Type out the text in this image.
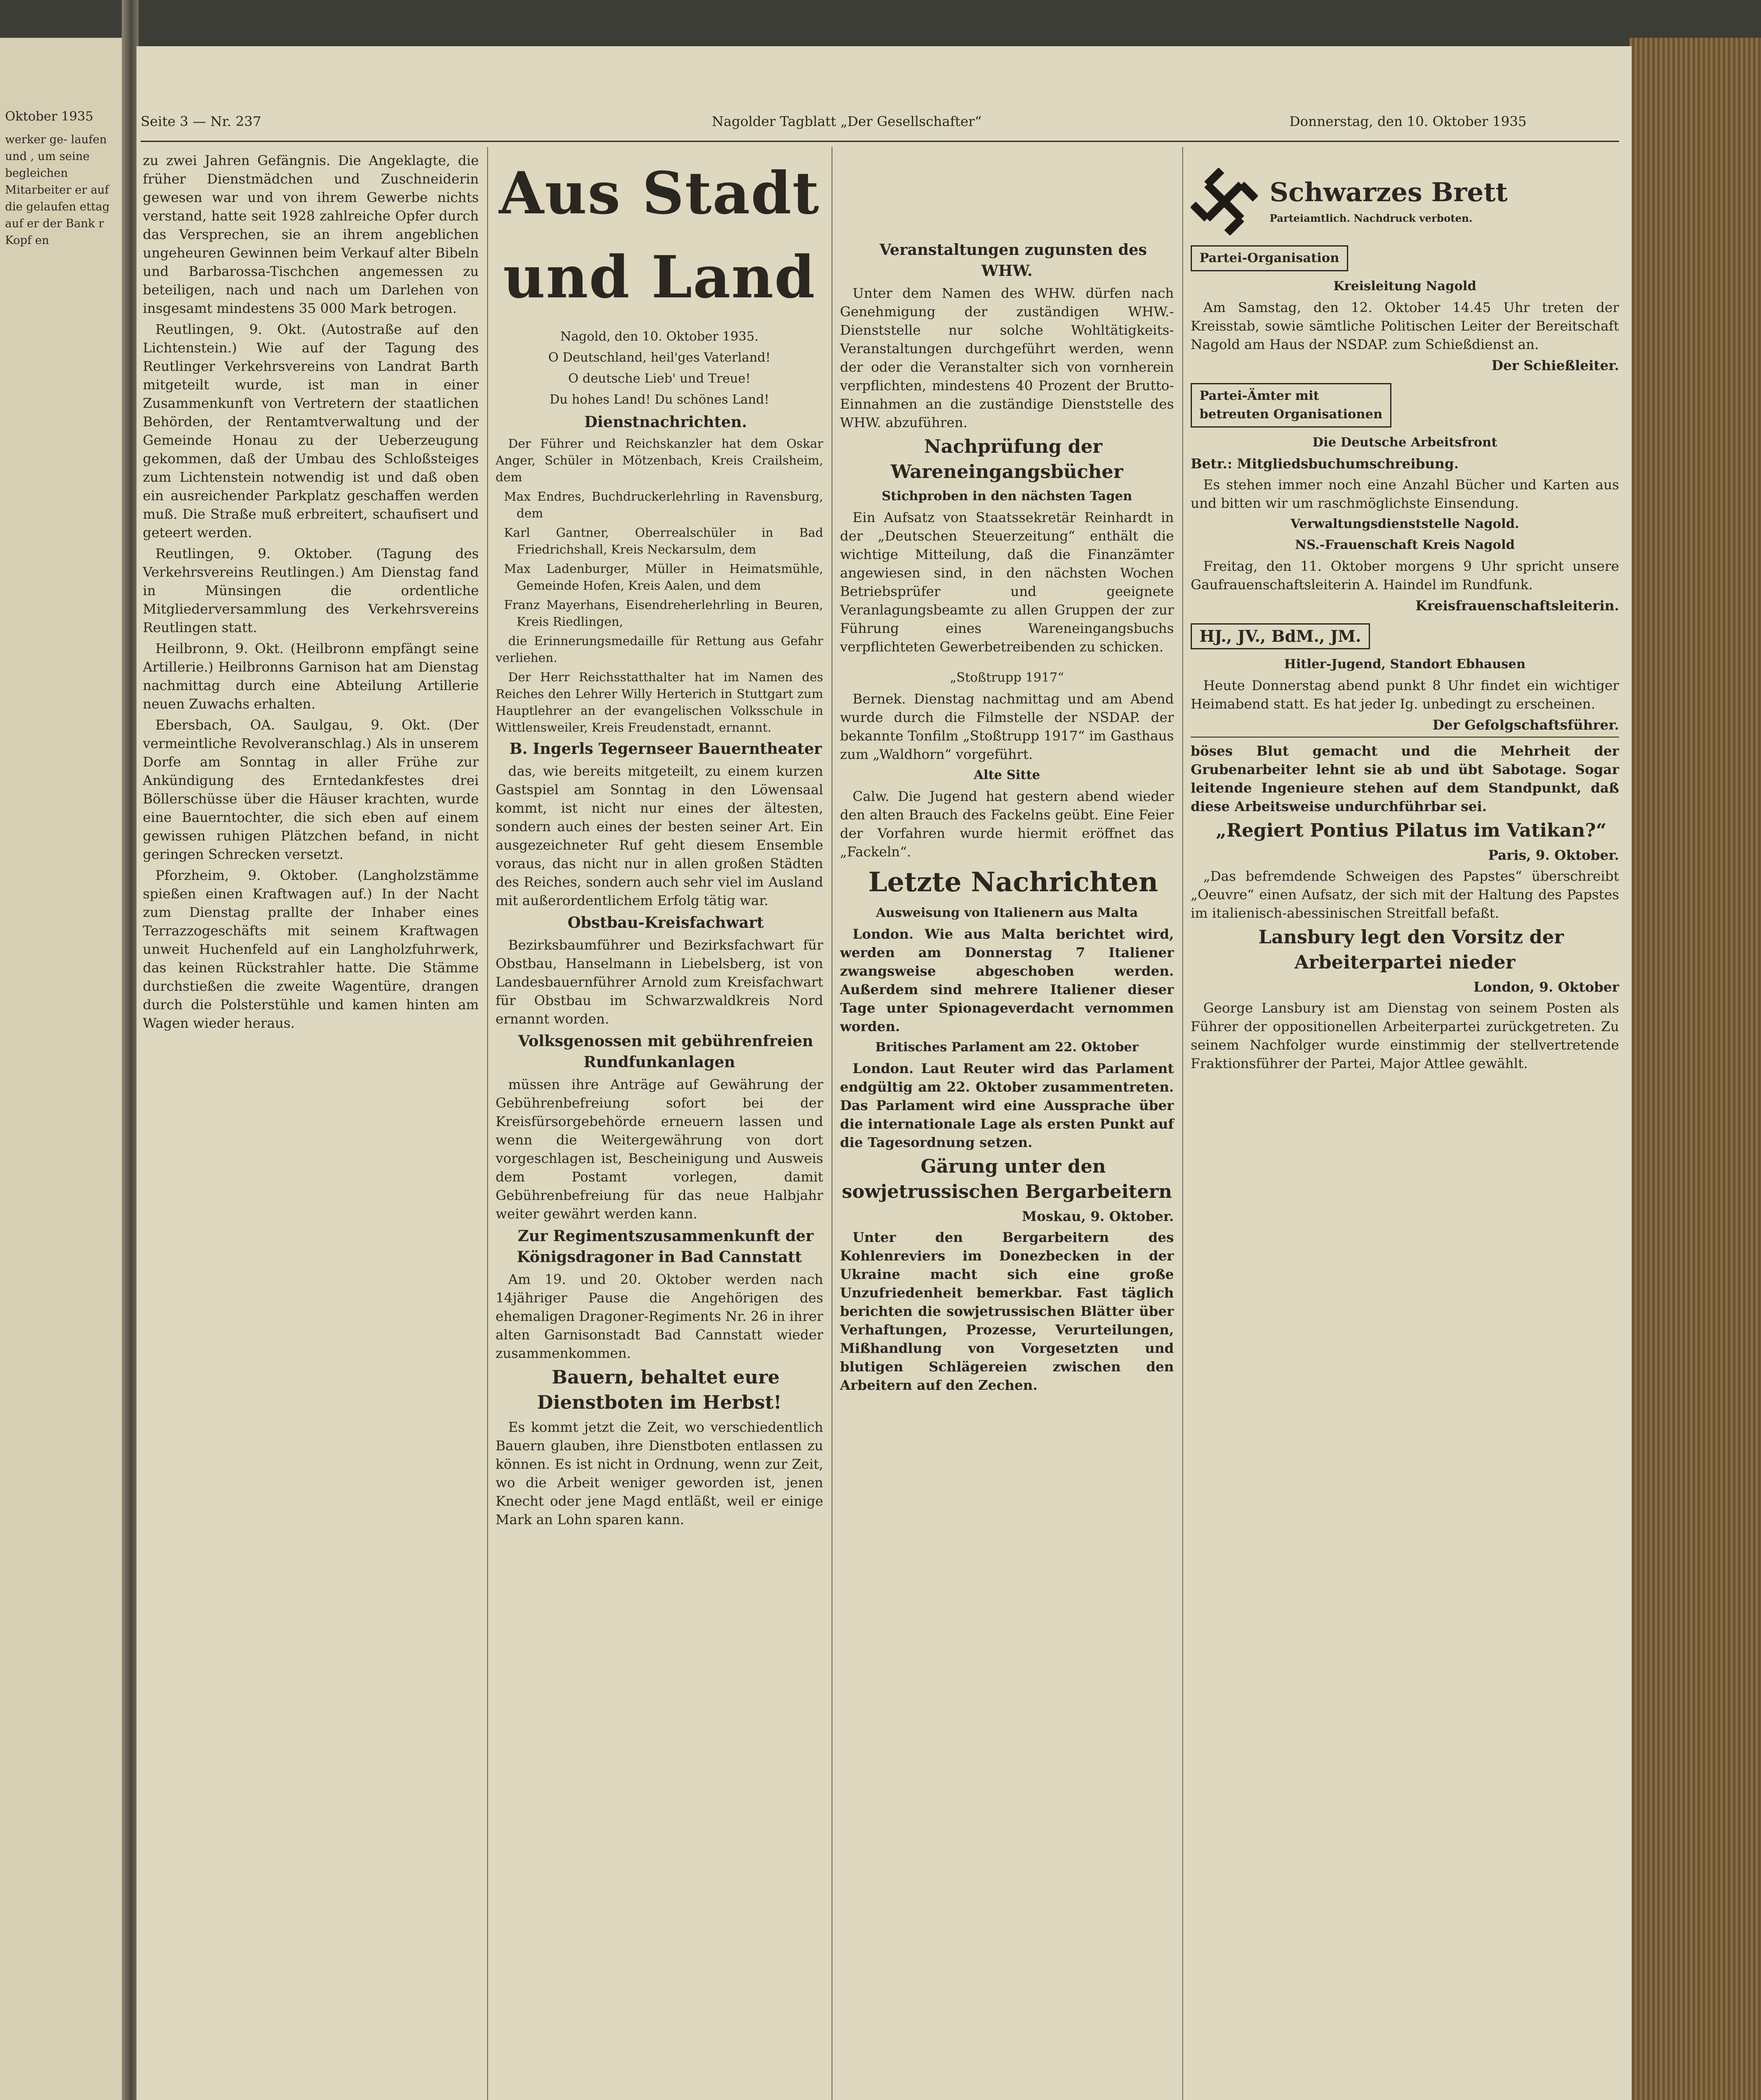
Oktober 1935
werker ge- laufen und , um seine begleichen Mitarbeiter er auf die gelaufen ettag auf er der Bank r Kopf en
Seite 3 — Nr. 237	Nagolder Tagblatt „Der Gesellschafter“	Donnerstag, den 10. Oktober 1935

zu zwei Jahren Gefängnis. Die Angeklagte, die früher Dienstmädchen und Zuschneiderin gewesen war und von ihrem Gewerbe nichts verstand, hatte seit 1928 zahlreiche Opfer durch das Versprechen, sie an ihrem angeblichen ungeheuren Gewinnen beim Verkauf alter Bibeln und Barbarossa-Tischchen angemessen zu beteiligen, nach und nach um Darlehen von insgesamt mindestens 35 000 Mark betrogen.

Reutlingen, 9. Okt. (Autostraße auf den Lichtenstein.) Wie auf der Tagung des Reutlinger Verkehrsvereins von Landrat Barth mitgeteilt wurde, ist man in einer Zusammenkunft von Vertretern der staatlichen Behörden, der Rentamtverwaltung und der Gemeinde Honau zu der Ueberzeugung gekommen, daß der Umbau des Schloßsteiges zum Lichtenstein notwendig ist und daß oben ein ausreichender Parkplatz geschaffen werden muß. Die Straße muß erbreitert, schaufisert und geteert werden.

Reutlingen, 9. Oktober. (Tagung des Verkehrsvereins Reutlingen.) Am Dienstag fand in Münsingen die ordentliche Mitgliederversammlung des Verkehrsvereins Reutlingen statt.

Heilbronn, 9. Okt. (Heilbronn empfängt seine Artillerie.) Heilbronns Garnison hat am Dienstag nachmittag durch eine Abteilung Artillerie neuen Zuwachs erhalten.

Ebersbach, OA. Saulgau, 9. Okt. (Der vermeintliche Revolveranschlag.) Als in unserem Dorfe am Sonntag in aller Frühe zur Ankündigung des Erntedankfestes drei Böllerschüsse über die Häuser krachten, wurde eine Bauerntochter, die sich eben auf einem gewissen ruhigen Plätzchen befand, in nicht geringen Schrecken versetzt.

Pforzheim, 9. Oktober. (Langholzstämme spießen einen Kraftwagen auf.) In der Nacht zum Dienstag prallte der Inhaber eines Terrazzogeschäfts mit seinem Kraftwagen unweit Huchenfeld auf ein Langholzfuhrwerk, das keinen Rückstrahler hatte. Die Stämme durchstießen die zweite Wagentüre, drangen durch die Polsterstühle und kamen hinten am Wagen wieder heraus.

Aus Stadt und Land

Nagold, den 10. Oktober 1935.

O Deutschland, heil'ges Vaterland!

O deutsche Lieb' und Treue!

Du hohes Land! Du schönes Land!

Dienstnachrichten.

Der Führer und Reichskanzler hat dem Oskar Anger, Schüler in Mötzenbach, Kreis Crailsheim, dem

Max Endres, Buchdruckerlehrling in Ravensburg, dem

Karl Gantner, Oberrealschüler in Bad Friedrichshall, Kreis Neckarsulm, dem

Max Ladenburger, Müller in Heimatsmühle, Gemeinde Hofen, Kreis Aalen, und dem

Franz Mayerhans, Eisendreherlehrling in Beuren, Kreis Riedlingen,

die Erinnerungsmedaille für Rettung aus Gefahr verliehen.

Der Herr Reichsstatthalter hat im Namen des Reiches den Lehrer Willy Herterich in Stuttgart zum Hauptlehrer an der evangelischen Volksschule in Wittlensweiler, Kreis Freudenstadt, ernannt.

B. Ingerls Tegernseer Bauerntheater

das, wie bereits mitgeteilt, zu einem kurzen Gastspiel am Sonntag in den Löwensaal kommt, ist nicht nur eines der ältesten, sondern auch eines der besten seiner Art. Ein ausgezeichneter Ruf geht diesem Ensemble voraus, das nicht nur in allen großen Städten des Reiches, sondern auch sehr viel im Ausland mit außerordentlichem Erfolg tätig war.

Obstbau-Kreisfachwart

Bezirksbaumführer und Bezirksfachwart für Obstbau, Hanselmann in Liebelsberg, ist von Landesbauernführer Arnold zum Kreisfachwart für Obstbau im Schwarzwaldkreis Nord ernannt worden.

Volksgenossen mit gebührenfreien Rundfunkanlagen

müssen ihre Anträge auf Gewährung der Gebührenbefreiung sofort bei der Kreisfürsorgebehörde erneuern lassen und wenn die Weitergewährung von dort vorgeschlagen ist, Bescheinigung und Ausweis dem Postamt vorlegen, damit Gebührenbefreiung für das neue Halbjahr weiter gewährt werden kann.

Zur Regimentszusammenkunft der Königsdragoner in Bad Cannstatt

Am 19. und 20. Oktober werden nach 14jähriger Pause die Angehörigen des ehemaligen Dragoner-Regiments Nr. 26 in ihrer alten Garnisonstadt Bad Cannstatt wieder zusammenkommen.

Bauern, behaltet eure Dienstboten im Herbst!

Es kommt jetzt die Zeit, wo verschiedentlich Bauern glauben, ihre Dienstboten entlassen zu können. Es ist nicht in Ordnung, wenn zur Zeit, wo die Arbeit weniger geworden ist, jenen Knecht oder jene Magd entläßt, weil er einige Mark an Lohn sparen kann.

Veranstaltungen zugunsten des WHW.

Unter dem Namen des WHW. dürfen nach Genehmigung der zuständigen WHW.-Dienststelle nur solche Wohltätigkeits-Veranstaltungen durchgeführt werden, wenn der oder die Veranstalter sich von vornherein verpflichten, mindestens 40 Prozent der Brutto-Einnahmen an die zuständige Dienststelle des WHW. abzuführen.

Nachprüfung der Wareneingangsbücher

Stichproben in den nächsten Tagen

Ein Aufsatz von Staatssekretär Reinhardt in der „Deutschen Steuerzeitung“ enthält die wichtige Mitteilung, daß die Finanzämter angewiesen sind, in den nächsten Wochen Betriebsprüfer und geeignete Veranlagungsbeamte zu allen Gruppen der zur Führung eines Wareneingangsbuchs verpflichteten Gewerbetreibenden zu schicken.

„Stoßtrupp 1917“

Bernek. Dienstag nachmittag und am Abend wurde durch die Filmstelle der NSDAP. der bekannte Tonfilm „Stoßtrupp 1917“ im Gasthaus zum „Waldhorn“ vorgeführt.

Alte Sitte

Calw. Die Jugend hat gestern abend wieder den alten Brauch des Fackelns geübt. Eine Feier der Vorfahren wurde hiermit eröffnet das „Fackeln“.

Letzte Nachrichten

Ausweisung von Italienern aus Malta

London. Wie aus Malta berichtet wird, werden am Donnerstag 7 Italiener zwangsweise abgeschoben werden. Außerdem sind mehrere Italiener dieser Tage unter Spionageverdacht vernommen worden.

Britisches Parlament am 22. Oktober

London. Laut Reuter wird das Parlament endgültig am 22. Oktober zusammentreten. Das Parlament wird eine Aussprache über die internationale Lage als ersten Punkt auf die Tagesordnung setzen.

Gärung unter den sowjetrussischen Bergarbeitern

Moskau, 9. Oktober.

Unter den Bergarbeitern des Kohlenreviers im Donezbecken in der Ukraine macht sich eine große Unzufriedenheit bemerkbar. Fast täglich berichten die sowjetrussischen Blätter über Verhaftungen, Prozesse, Verurteilungen, Mißhandlung von Vorgesetzten und blutigen Schlägereien zwischen den Arbeitern auf den Zechen.

Schwarzes Brett
Parteiamtlich. Nachdruck verboten.
Partei-Organisation

Kreisleitung Nagold

Am Samstag, den 12. Oktober 14.45 Uhr treten der Kreisstab, sowie sämtliche Politischen Leiter der Bereitschaft Nagold am Haus der NSDAP. zum Schießdienst an.

Der Schießleiter.

Partei-Ämter mit
betreuten Organisationen

Die Deutsche Arbeitsfront

Betr.: Mitgliedsbuchumschreibung.

Es stehen immer noch eine Anzahl Bücher und Karten aus und bitten wir um raschmöglichste Einsendung.

Verwaltungsdienststelle Nagold.

NS.-Frauenschaft Kreis Nagold

Freitag, den 11. Oktober morgens 9 Uhr spricht unsere Gaufrauenschaftsleiterin A. Haindel im Rundfunk.

Kreisfrauenschaftsleiterin.

HJ., JV., BdM., JM.

Hitler-Jugend, Standort Ebhausen

Heute Donnerstag abend punkt 8 Uhr findet ein wichtiger Heimabend statt. Es hat jeder Ig. unbedingt zu erscheinen.

Der Gefolgschaftsführer.

böses Blut gemacht und die Mehrheit der Grubenarbeiter lehnt sie ab und übt Sabotage. Sogar leitende Ingenieure stehen auf dem Standpunkt, daß diese Arbeitsweise undurchführbar sei.

„Regiert Pontius Pilatus im Vatikan?“

Paris, 9. Oktober.

„Das befremdende Schweigen des Papstes“ überschreibt „Oeuvre“ einen Aufsatz, der sich mit der Haltung des Papstes im italienisch-abessinischen Streitfall befaßt.

Lansbury legt den Vorsitz der Arbeiterpartei nieder

London, 9. Oktober

George Lansbury ist am Dienstag von seinem Posten als Führer der oppositionellen Arbeiterpartei zurückgetreten. Zu seinem Nachfolger wurde einstimmig der stellvertretende Fraktionsführer der Partei, Major Attlee gewählt.
